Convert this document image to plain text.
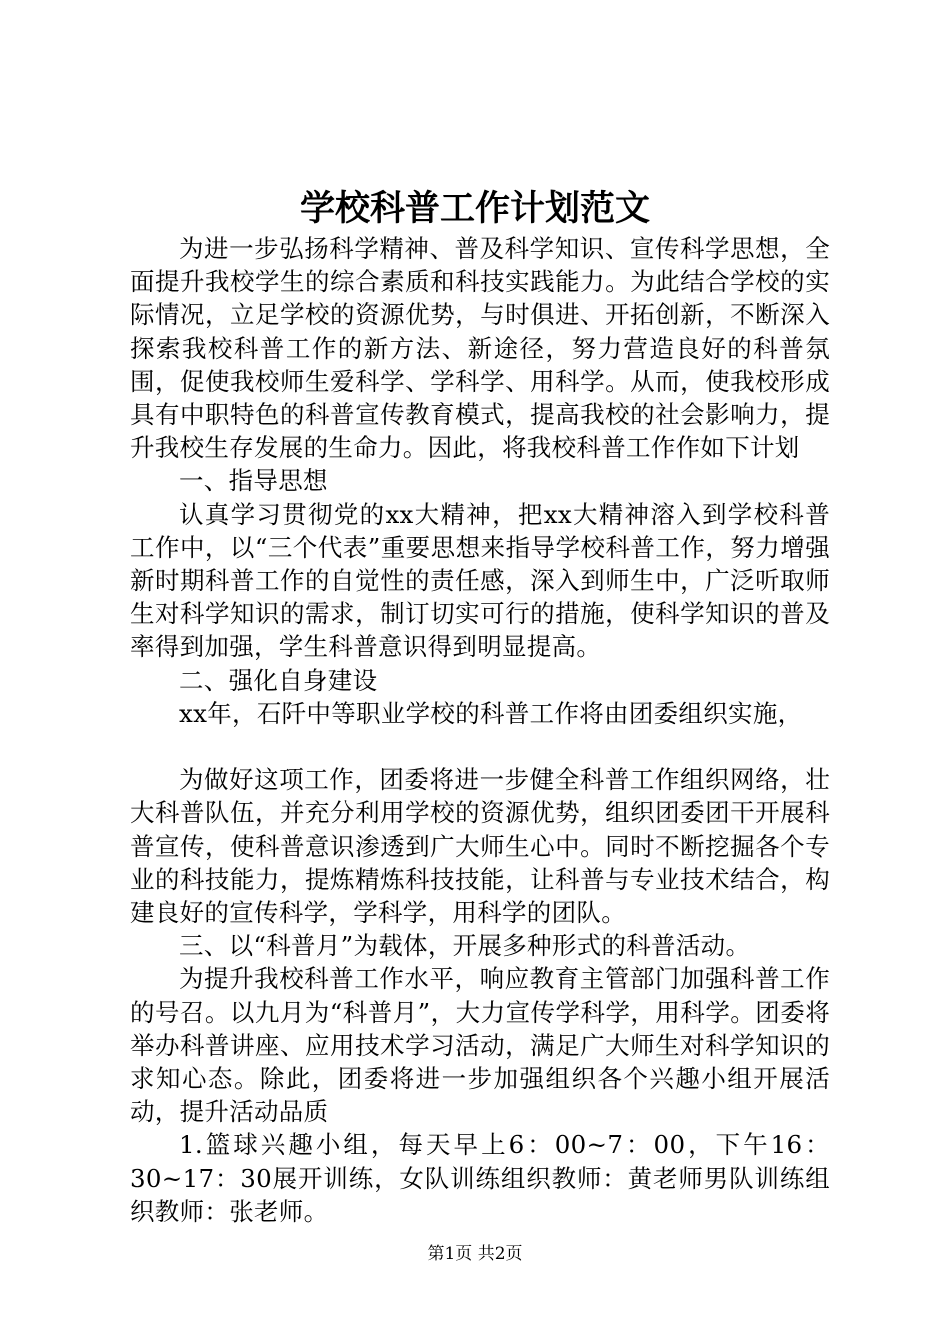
学校科普工作计划范文

为进一步弘扬科学精神、普及科学知识、宣传科学思想，全面提升我校学生的综合素质和科技实践能力。为此结合学校的实际情况，立足学校的资源优势，与时俱进、开拓创新，不断深入探索我校科普工作的新方法、新途径，努力营造良好的科普氛围，促使我校师生爱科学、学科学、用科学。从而，使我校形成具有中职特色的科普宣传教育模式，提高我校的社会影响力，提升我校生存发展的生命力。因此，将我校科普工作作如下计划

一、指导思想

认真学习贯彻党的xx大精神，把xx大精神溶入到学校科普工作中，以“三个代表”重要思想来指导学校科普工作，努力增强新时期科普工作的自觉性的责任感，深入到师生中，广泛听取师生对科学知识的需求，制订切实可行的措施，使科学知识的普及率得到加强，学生科普意识得到明显提高。

二、强化自身建设

xx年，石阡中等职业学校的科普工作将由团委组织实施，

为做好这项工作，团委将进一步健全科普工作组织网络，壮大科普队伍，并充分利用学校的资源优势，组织团委团干开展科普宣传，使科普意识渗透到广大师生心中。同时不断挖掘各个专业的科技能力，提炼精炼科技技能，让科普与专业技术结合，构建良好的宣传科学，学科学，用科学的团队。

三、以“科普月”为载体，开展多种形式的科普活动。

为提升我校科普工作水平，响应教育主管部门加强科普工作的号召。以九月为“科普月”，大力宣传学科学，用科学。团委将举办科普讲座、应用技术学习活动，满足广大师生对科学知识的求知心态。除此，团委将进一步加强组织各个兴趣小组开展活动，提升活动品质

1.篮球兴趣小组，每天早上6：00~7：00，下午16：30~17：30展开训练，女队训练组织教师：黄老师男队训练组织教师：张老师。

第1页 共2页
